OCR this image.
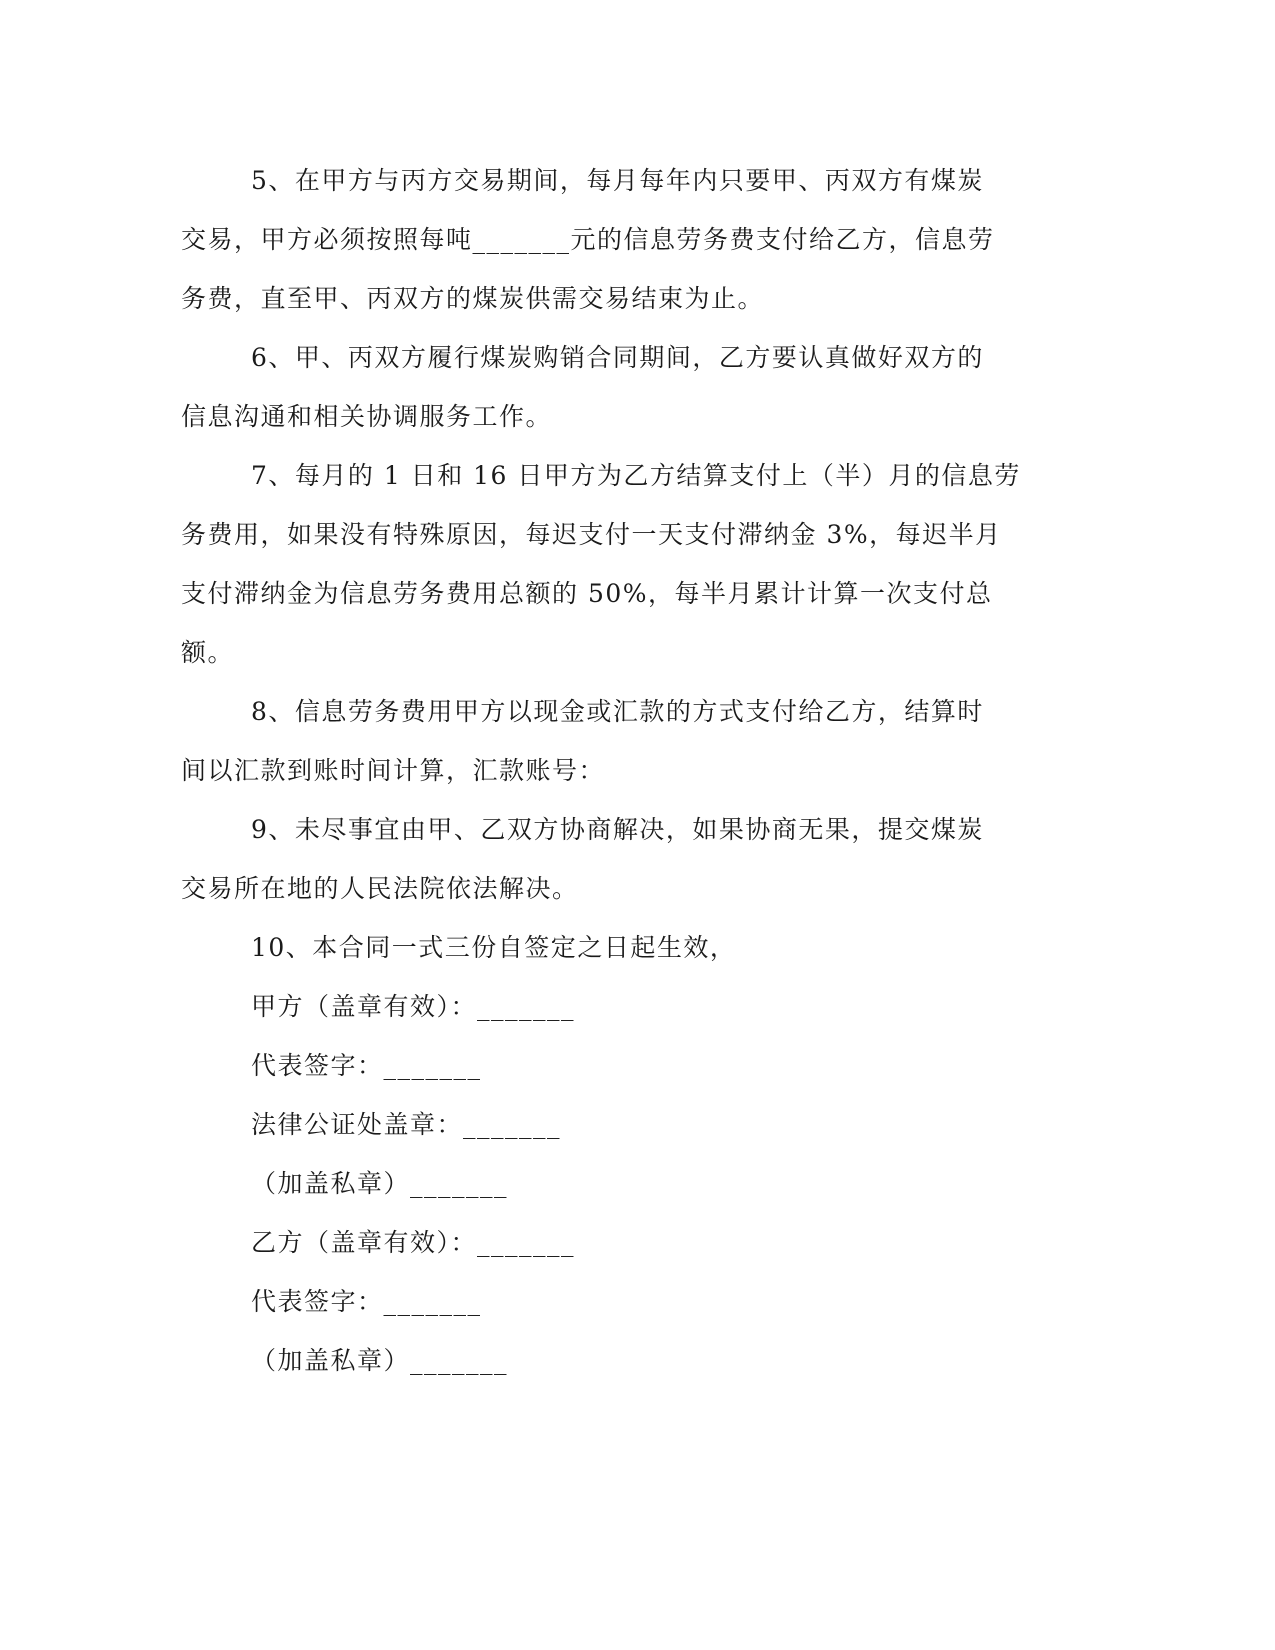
5、在甲方与丙方交易期间，每月每年内只要甲、丙双方有煤炭
交易，甲方必须按照每吨_______元的信息劳务费支付给乙方，信息劳
务费，直至甲、丙双方的煤炭供需交易结束为止。
6、甲、丙双方履行煤炭购销合同期间，乙方要认真做好双方的
信息沟通和相关协调服务工作。
7、每月的 1 日和 16 日甲方为乙方结算支付上（半）月的信息劳
务费用，如果没有特殊原因，每迟支付一天支付滞纳金 3%，每迟半月
支付滞纳金为信息劳务费用总额的 50%，每半月累计计算一次支付总
额。
8、信息劳务费用甲方以现金或汇款的方式支付给乙方，结算时
间以汇款到账时间计算，汇款账号：
9、未尽事宜由甲、乙双方协商解决，如果协商无果，提交煤炭
交易所在地的人民法院依法解决。
10、本合同一式三份自签定之日起生效，
甲方（盖章有效）：_______
代表签字：_______
法律公证处盖章：_______
（加盖私章）_______
乙方（盖章有效）：_______
代表签字：_______
（加盖私章）_______
